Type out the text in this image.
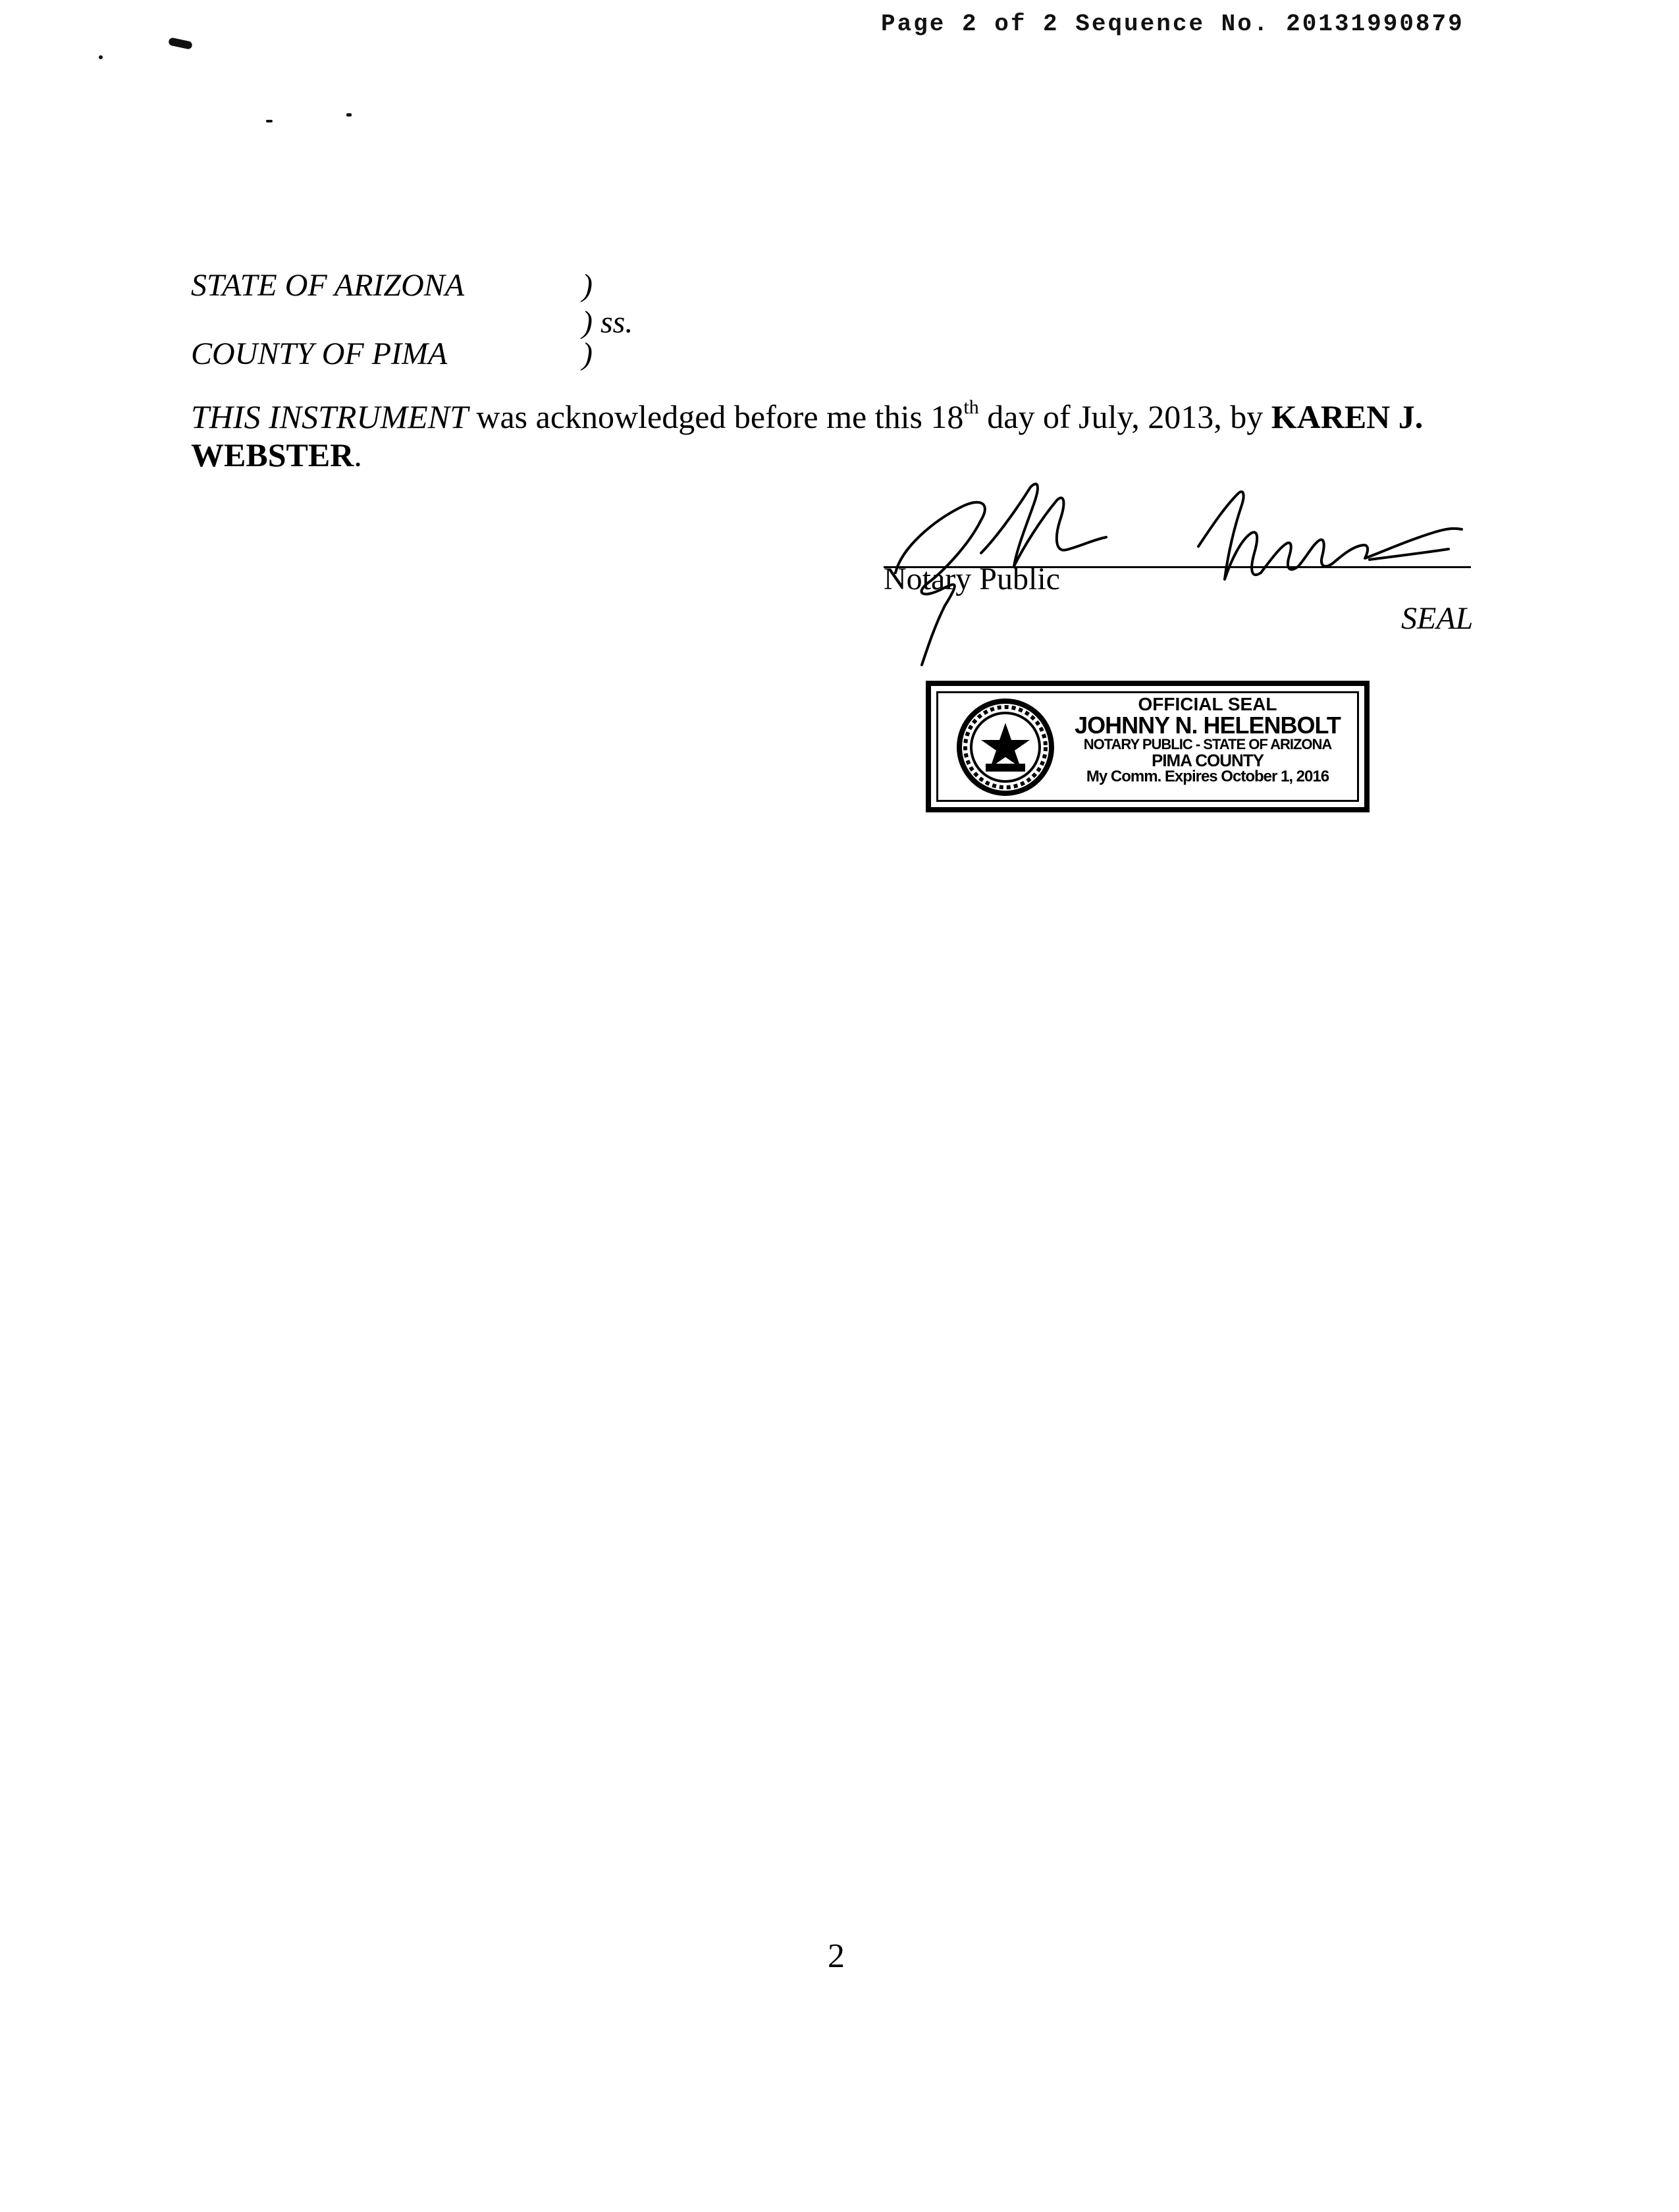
Page 2 of 2 Sequence No. 20131990879
STATE OF ARIZONA	)
) ss.
COUNTY OF PIMA	)
THIS INSTRUMENT was acknowledged before me this 18th day of July, 2013, by KAREN J. WEBSTER.
Notary Public
SEAL
OFFICIAL SEAL
JOHNNY N. HELENBOLT
NOTARY PUBLIC - STATE OF ARIZONA
PIMA COUNTY
My Comm. Expires October 1, 2016
2
